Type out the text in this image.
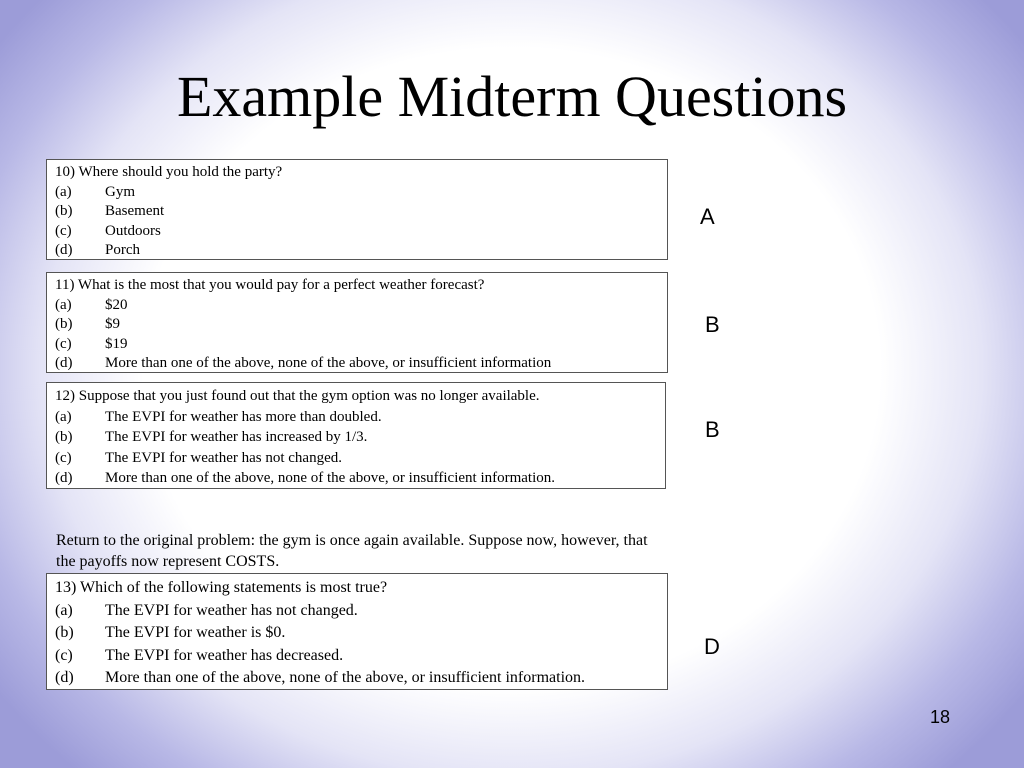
Example Midterm Questions
10) Where should you hold the party?
(a)	Gym
(b)	Basement
(c)	Outdoors
(d)	Porch
A
11) What is the most that you would pay for a perfect weather forecast?
(a)	$20
(b)	$9
(c)	$19
(d)	More than one of the above, none of the above, or insufficient information
B
12) Suppose that you just found out that the gym option was no longer available.
(a)	The EVPI for weather has more than doubled.
(b)	The EVPI for weather has increased by 1/3.
(c)	The EVPI for weather has not changed.
(d)	More than one of the above, none of the above, or insufficient information.
B
Return to the original problem: the gym is once again available. Suppose now, however, that the payoffs now represent COSTS.
13) Which of the following statements is most true?
(a)	The EVPI for weather has not changed.
(b)	The EVPI for weather is $0.
(c)	The EVPI for weather has decreased.
(d)	More than one of the above, none of the above, or insufficient information.
D
18
